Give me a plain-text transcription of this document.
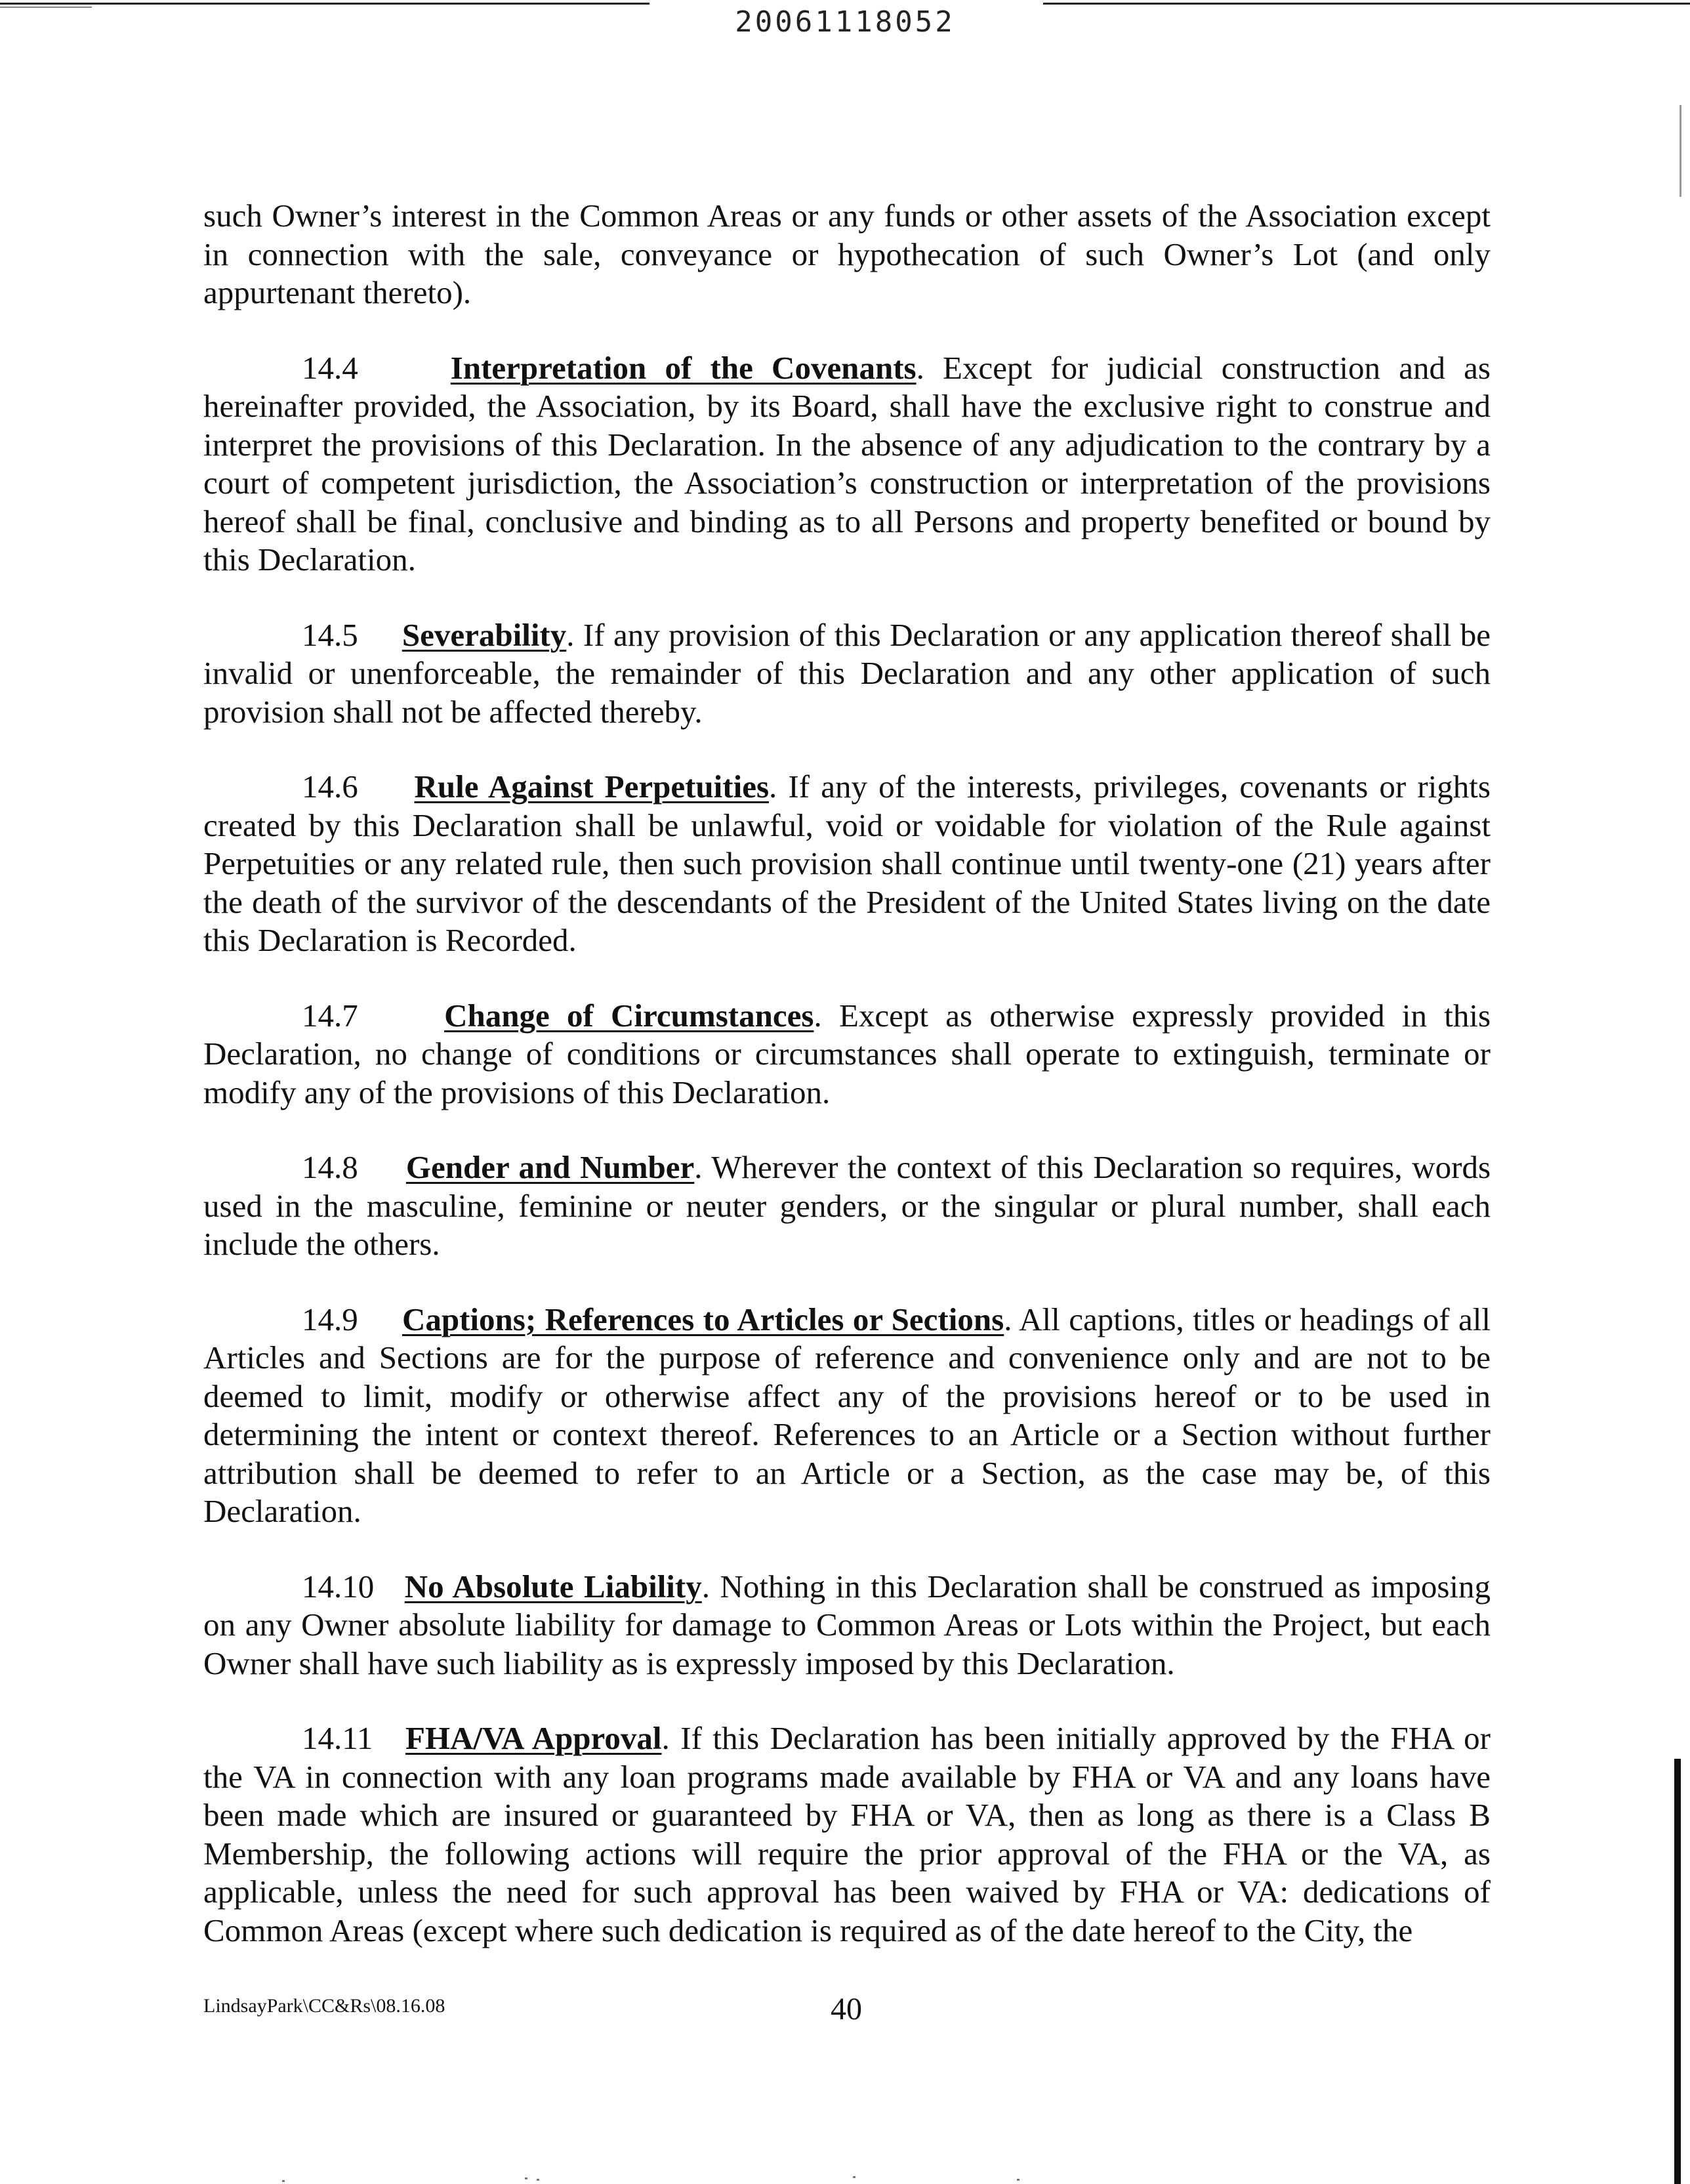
20061118052

such Owner’s interest in the Common Areas or any funds or other assets of the Association except in connection with the sale, conveyance or hypothecation of such Owner’s Lot (and only appurtenant thereto).

14.4	Interpretation of the Covenants. Except for judicial construction and as hereinafter provided, the Association, by its Board, shall have the exclusive right to construe and interpret the provisions of this Declaration. In the absence of any adjudication to the contrary by a court of competent jurisdiction, the Association’s construction or interpretation of the provisions hereof shall be final, conclusive and binding as to all Persons and property benefited or bound by this Declaration.

14.5 Severability. If any provision of this Declaration or any application thereof shall be invalid or unenforceable, the remainder of this Declaration and any other application of such provision shall not be affected thereby.

14.6 Rule Against Perpetuities. If any of the interests, privileges, covenants or rights created by this Declaration shall be unlawful, void or voidable for violation of the Rule against Perpetuities or any related rule, then such provision shall continue until twenty-one (21) years after the death of the survivor of the descendants of the President of the United States living on the date this Declaration is Recorded.

14.7	Change of Circumstances. Except as otherwise expressly provided in this Declaration, no change of conditions or circumstances shall operate to extinguish, terminate or modify any of the provisions of this Declaration.

14.8 Gender and Number. Wherever the context of this Declaration so requires, words used in the masculine, feminine or neuter genders, or the singular or plural number, shall each include the others.

14.9 Captions; References to Articles or Sections. All captions, titles or headings of all Articles and Sections are for the purpose of reference and convenience only and are not to be deemed to limit, modify or otherwise affect any of the provisions hereof or to be used in determining the intent or context thereof. References to an Article or a Section without further attribution shall be deemed to refer to an Article or a Section, as the case may be, of this Declaration.

14.10 No Absolute Liability. Nothing in this Declaration shall be construed as imposing on any Owner absolute liability for damage to Common Areas or Lots within the Project, but each Owner shall have such liability as is expressly imposed by this Declaration.

14.11 FHA/VA Approval. If this Declaration has been initially approved by the FHA or the VA in connection with any loan programs made available by FHA or VA and any loans have been made which are insured or guaranteed by FHA or VA, then as long as there is a Class B Membership, the following actions will require the prior approval of the FHA or the VA, as applicable, unless the need for such approval has been waived by FHA or VA: dedications of Common Areas (except where such dedication is required as of the date hereof to the City, the

LindsayPark\CC&Rs\08.16.08	40
